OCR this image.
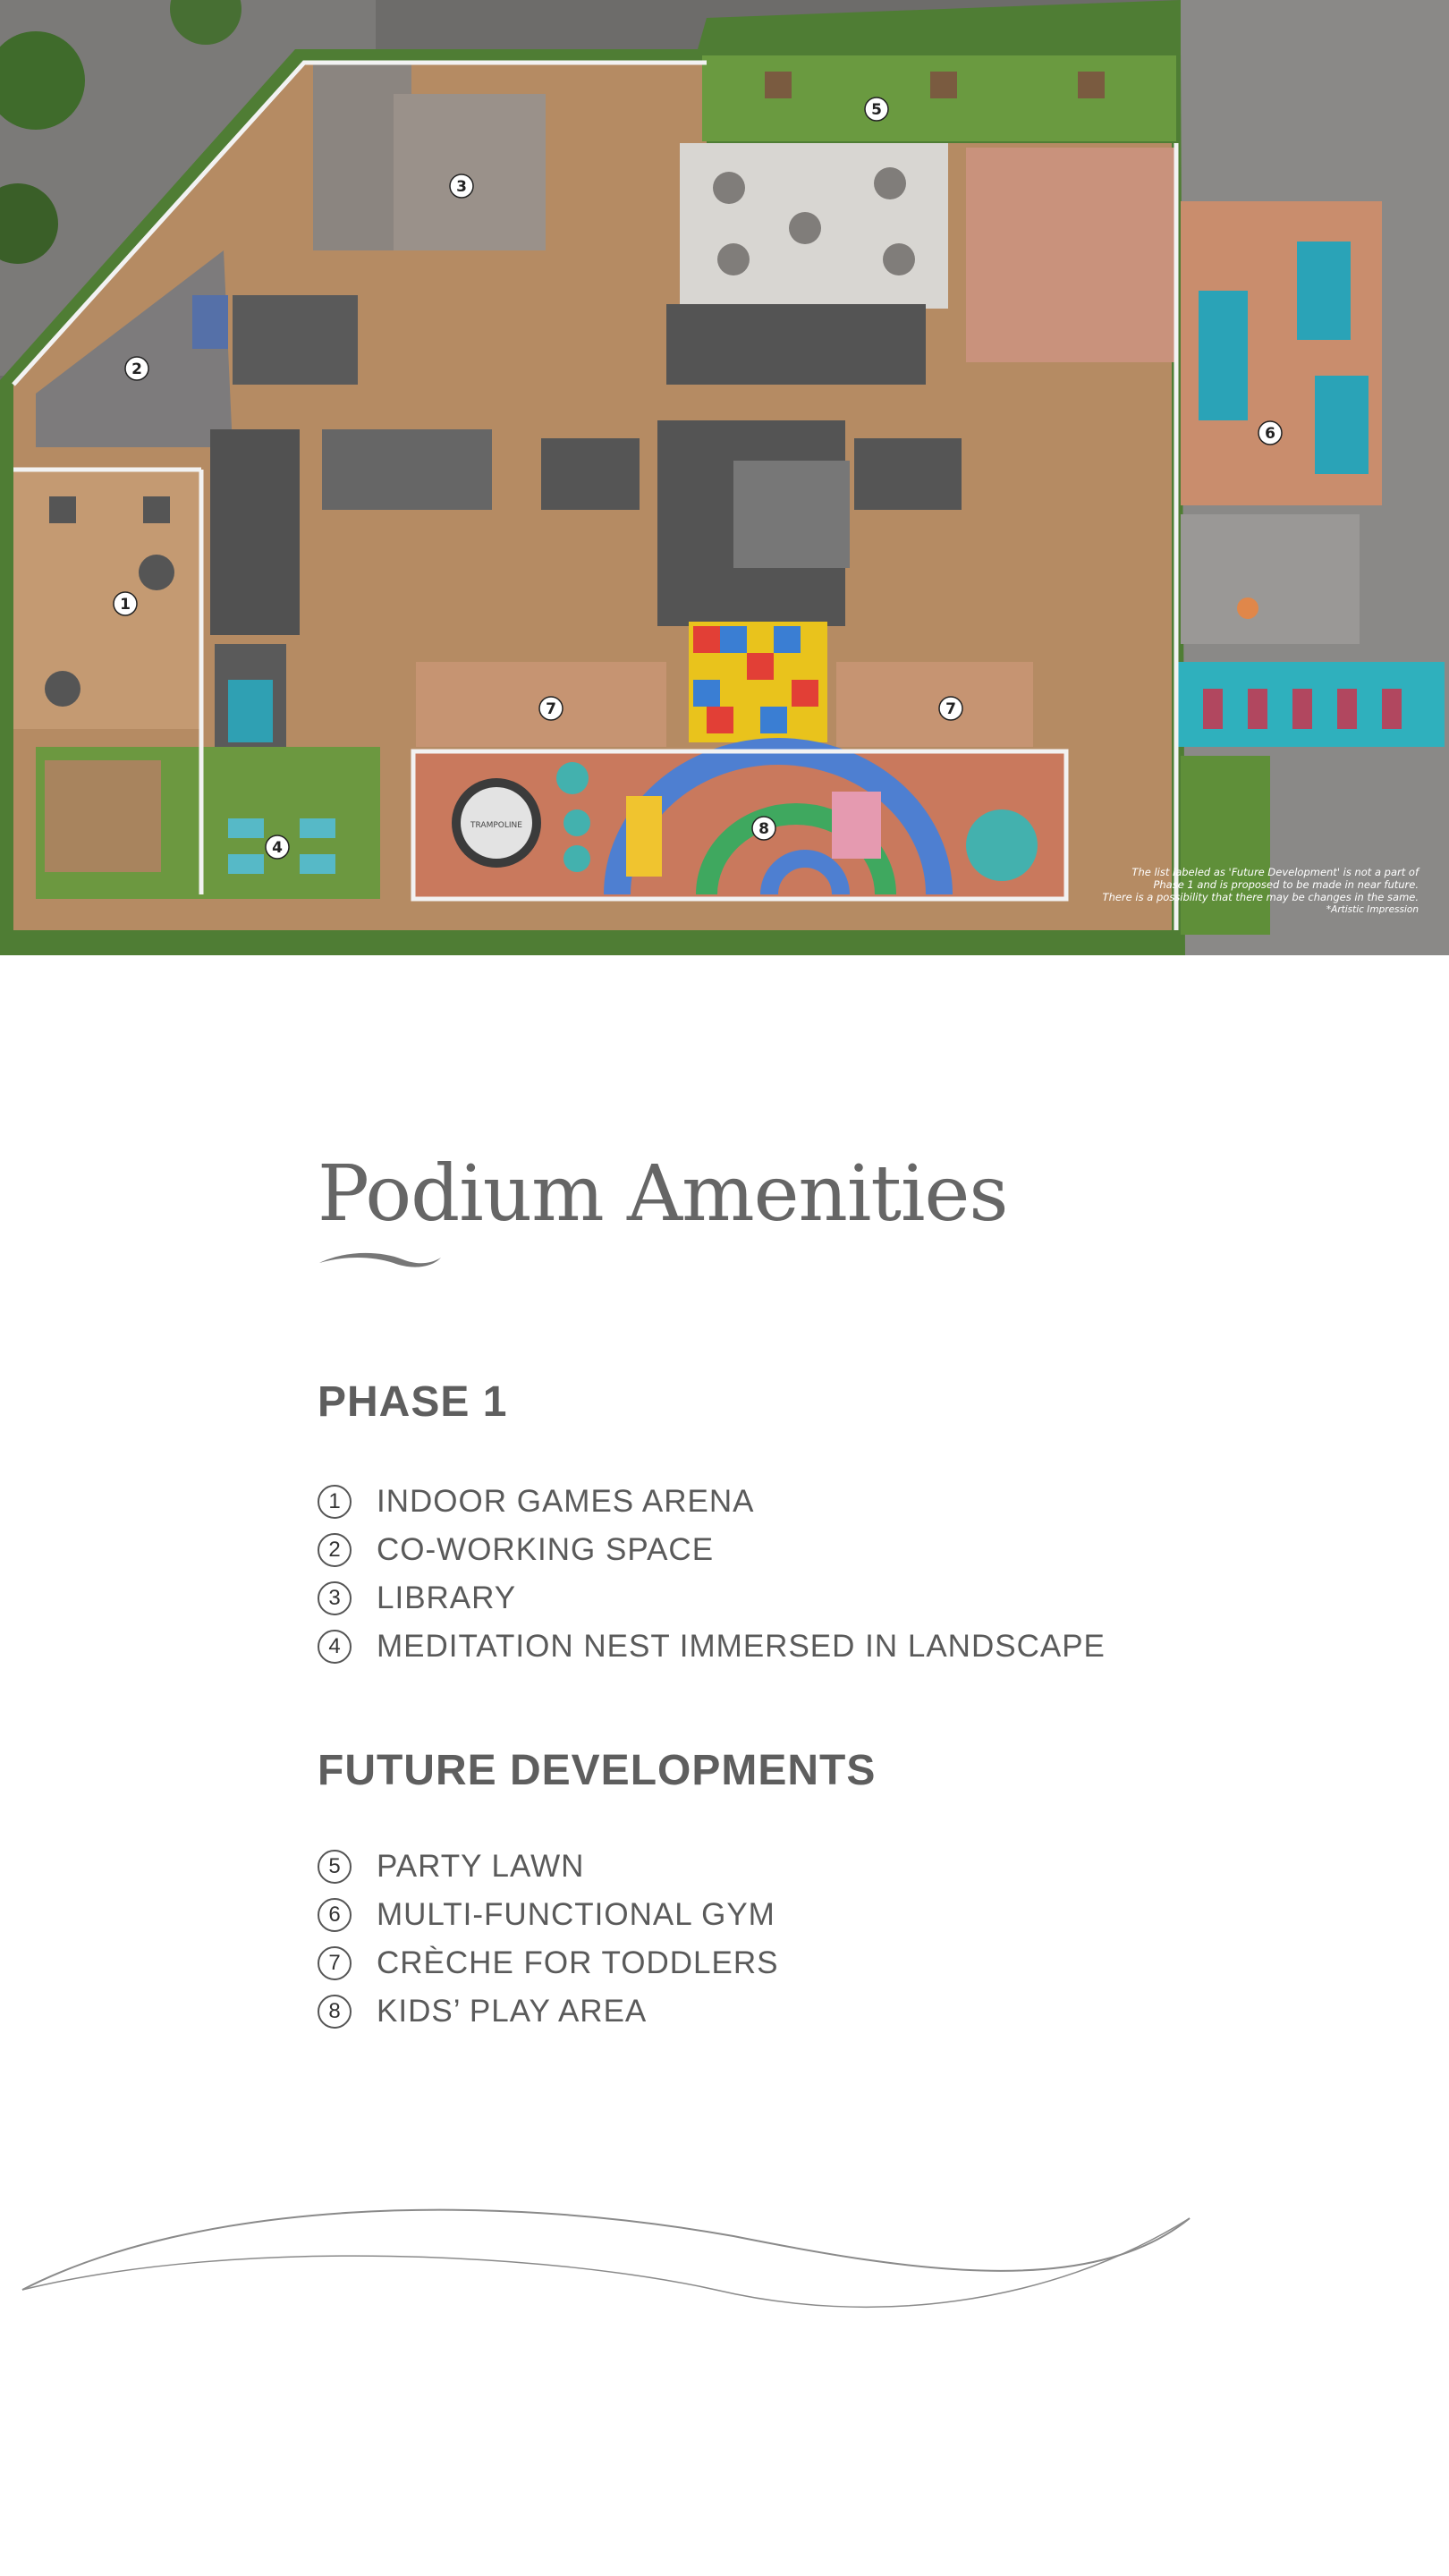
1
2
3
4
5
6
7	7
8
TRAMPOLINE
The list labeled as 'Future Development' is not a part of
Phase 1 and is proposed to be made in near future.
There is a possibility that there may be changes in the same.
*Artistic Impression
Podium Amenities
PHASE 1
1	INDOOR GAMES ARENA
2	CO-WORKING SPACE
3	LIBRARY
4	MEDITATION NEST IMMERSED IN LANDSCAPE
FUTURE DEVELOPMENTS
5	PARTY LAWN
6	MULTI-FUNCTIONAL GYM
7	CRÈCHE FOR TODDLERS
8	KIDS’ PLAY AREA
